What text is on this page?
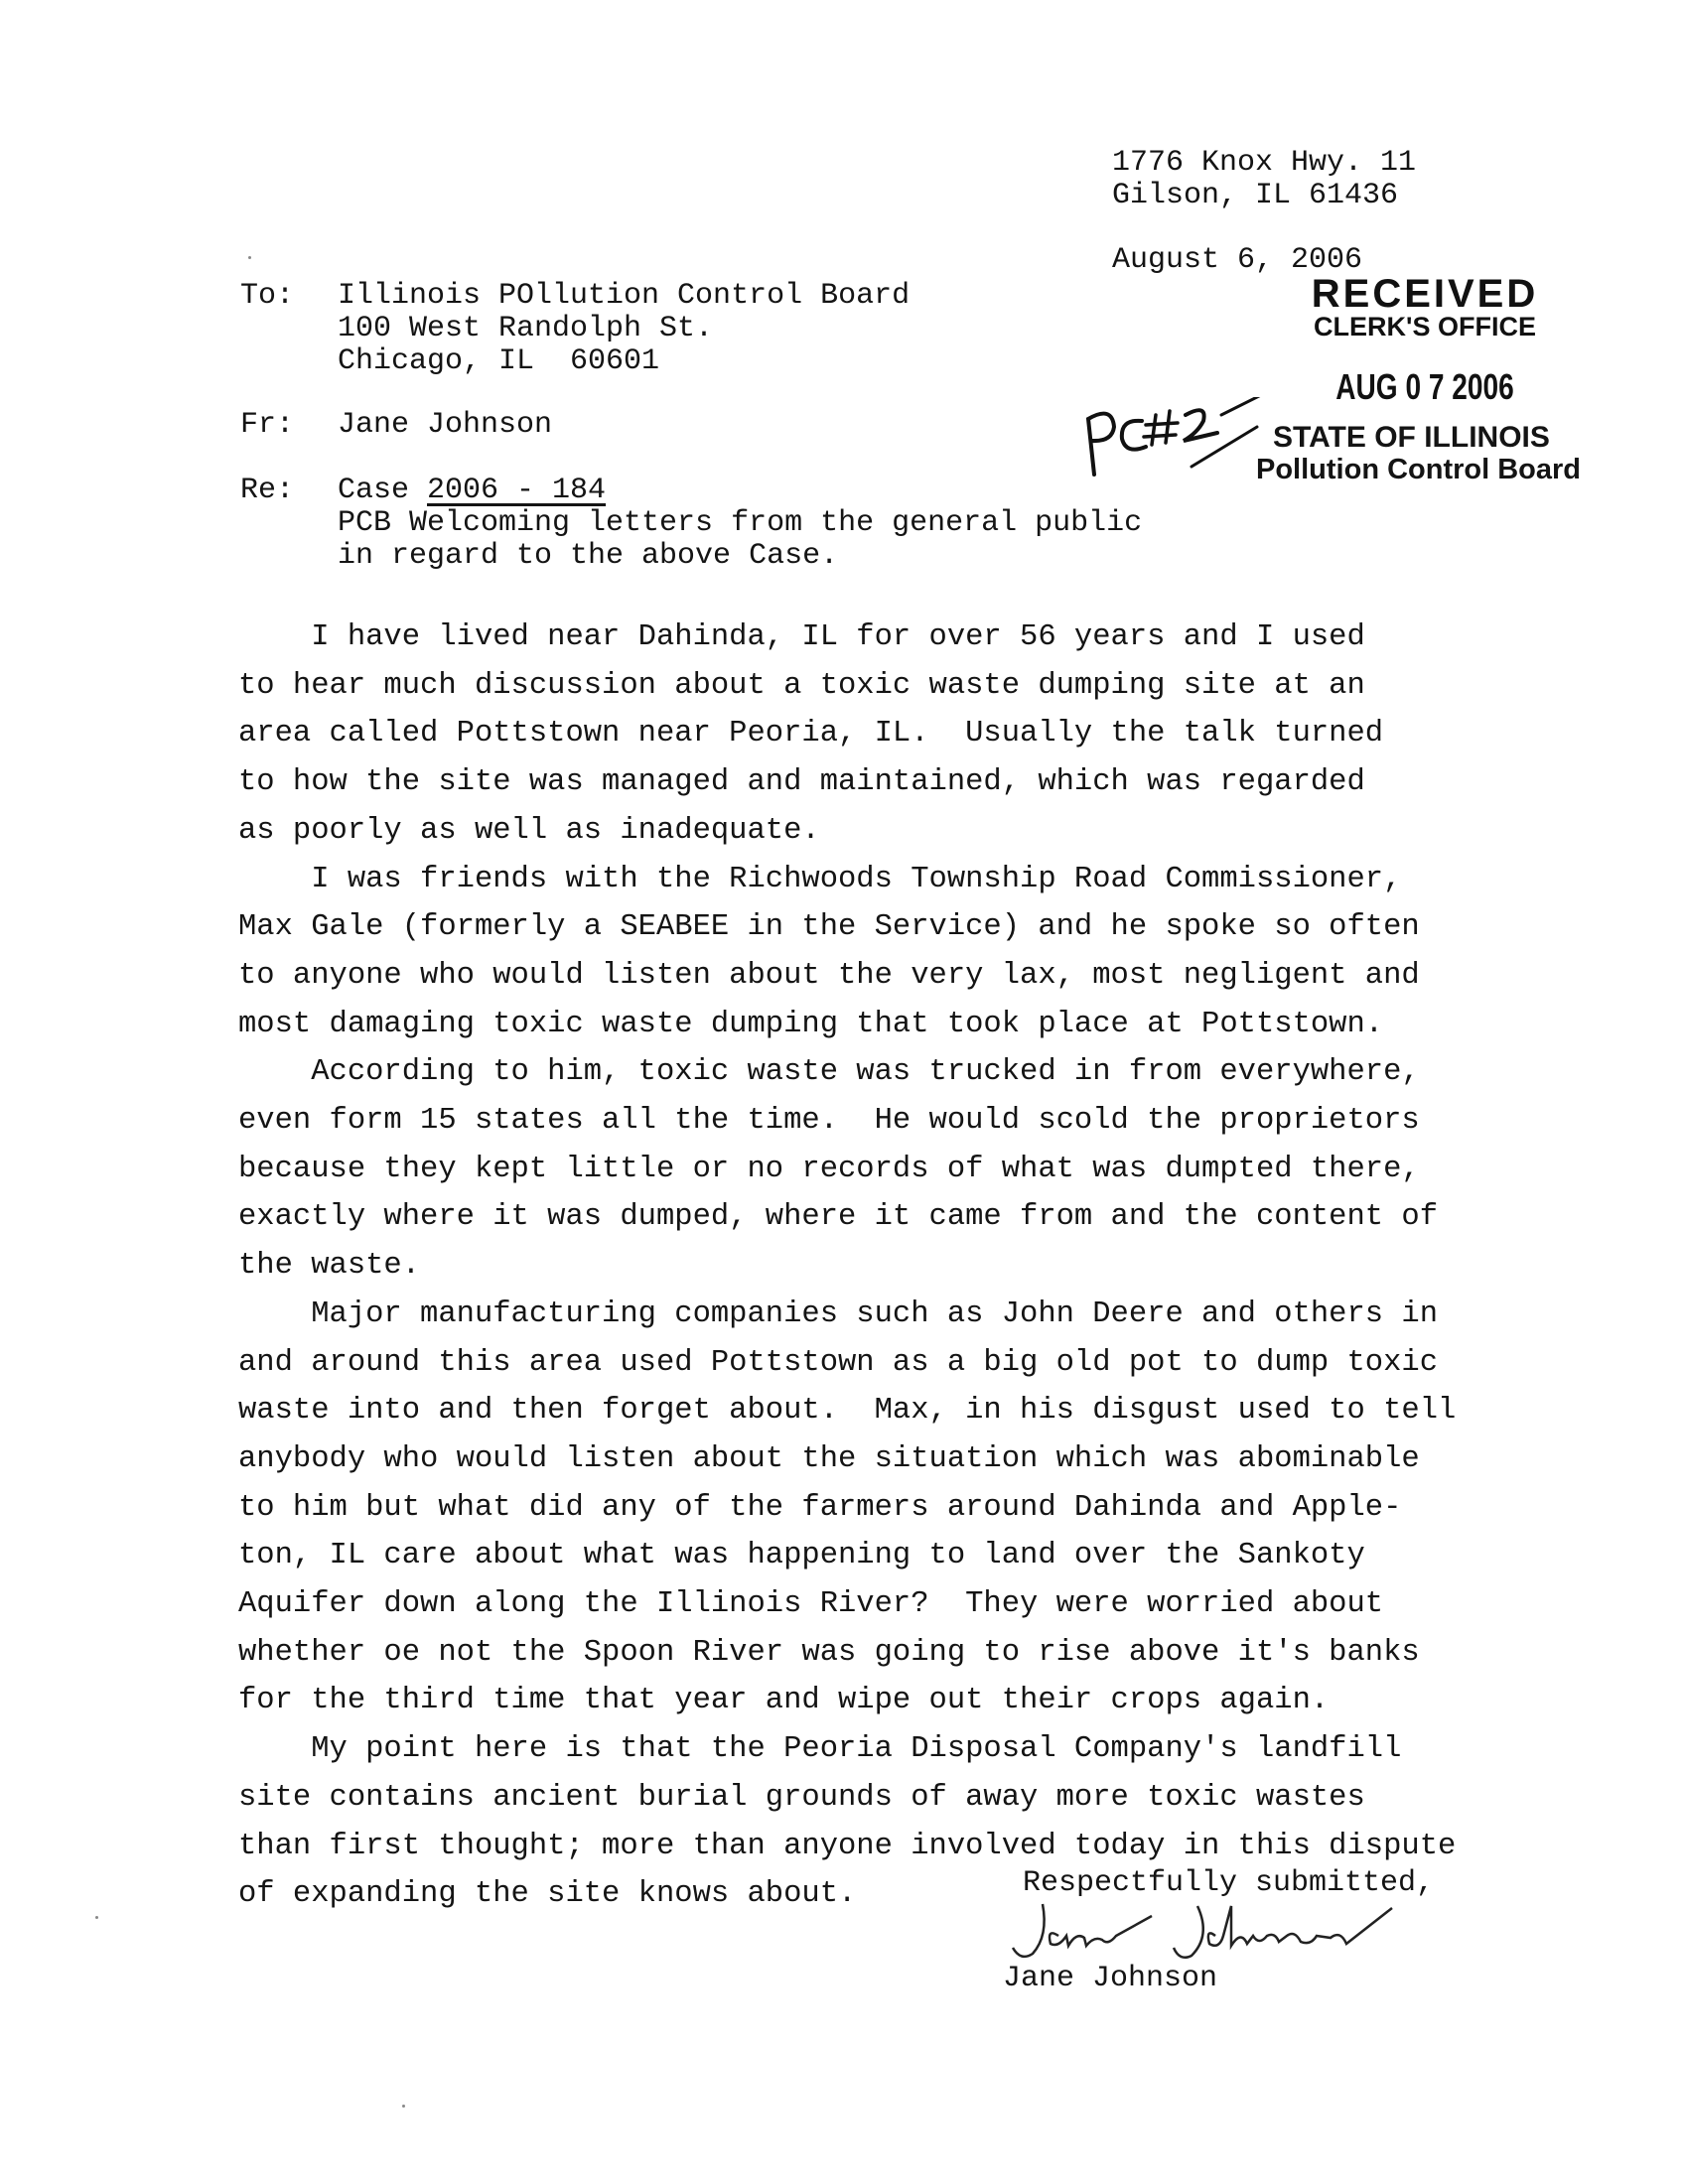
1776 Knox Hwy. 11
Gilson, IL 61436
August 6, 2006
RECEIVED
CLERK'S OFFICE
AUG 0 7 2006
STATE OF ILLINOIS
Pollution Control Board
To: Illinois POllution Control Board
100 West Randolph St.
Chicago, IL  60601
Fr: Jane Johnson
Re: Case 2006 - 184
PCB Welcoming letters from the general public
in regard to the above Case.

I have lived near Dahinda, IL for over 56 years and I used
to hear much discussion about a toxic waste dumping site at an
area called Pottstown near Peoria, IL.  Usually the talk turned
to how the site was managed and maintained, which was regarded
as poorly as well as inadequate.

I was friends with the Richwoods Township Road Commissioner,
Max Gale (formerly a SEABEE in the Service) and he spoke so often
to anyone who would listen about the very lax, most negligent and
most damaging toxic waste dumping that took place at Pottstown.

According to him, toxic waste was trucked in from everywhere,
even form 15 states all the time.  He would scold the proprietors
because they kept little or no records of what was dumpted there,
exactly where it was dumped, where it came from and the content of
the waste.

Major manufacturing companies such as John Deere and others in
and around this area used Pottstown as a big old pot to dump toxic
waste into and then forget about.  Max, in his disgust used to tell
anybody who would listen about the situation which was abominable
to him but what did any of the farmers around Dahinda and Apple-
ton, IL care about what was happening to land over the Sankoty
Aquifer down along the Illinois River?  They were worried about
whether oe not the Spoon River was going to rise above it's banks
for the third time that year and wipe out their crops again.

My point here is that the Peoria Disposal Company's landfill
site contains ancient burial grounds of away more toxic wastes
than first thought; more than anyone involved today in this dispute
of expanding the site knows about.	Respectfully submitted,
Jane Johnson
